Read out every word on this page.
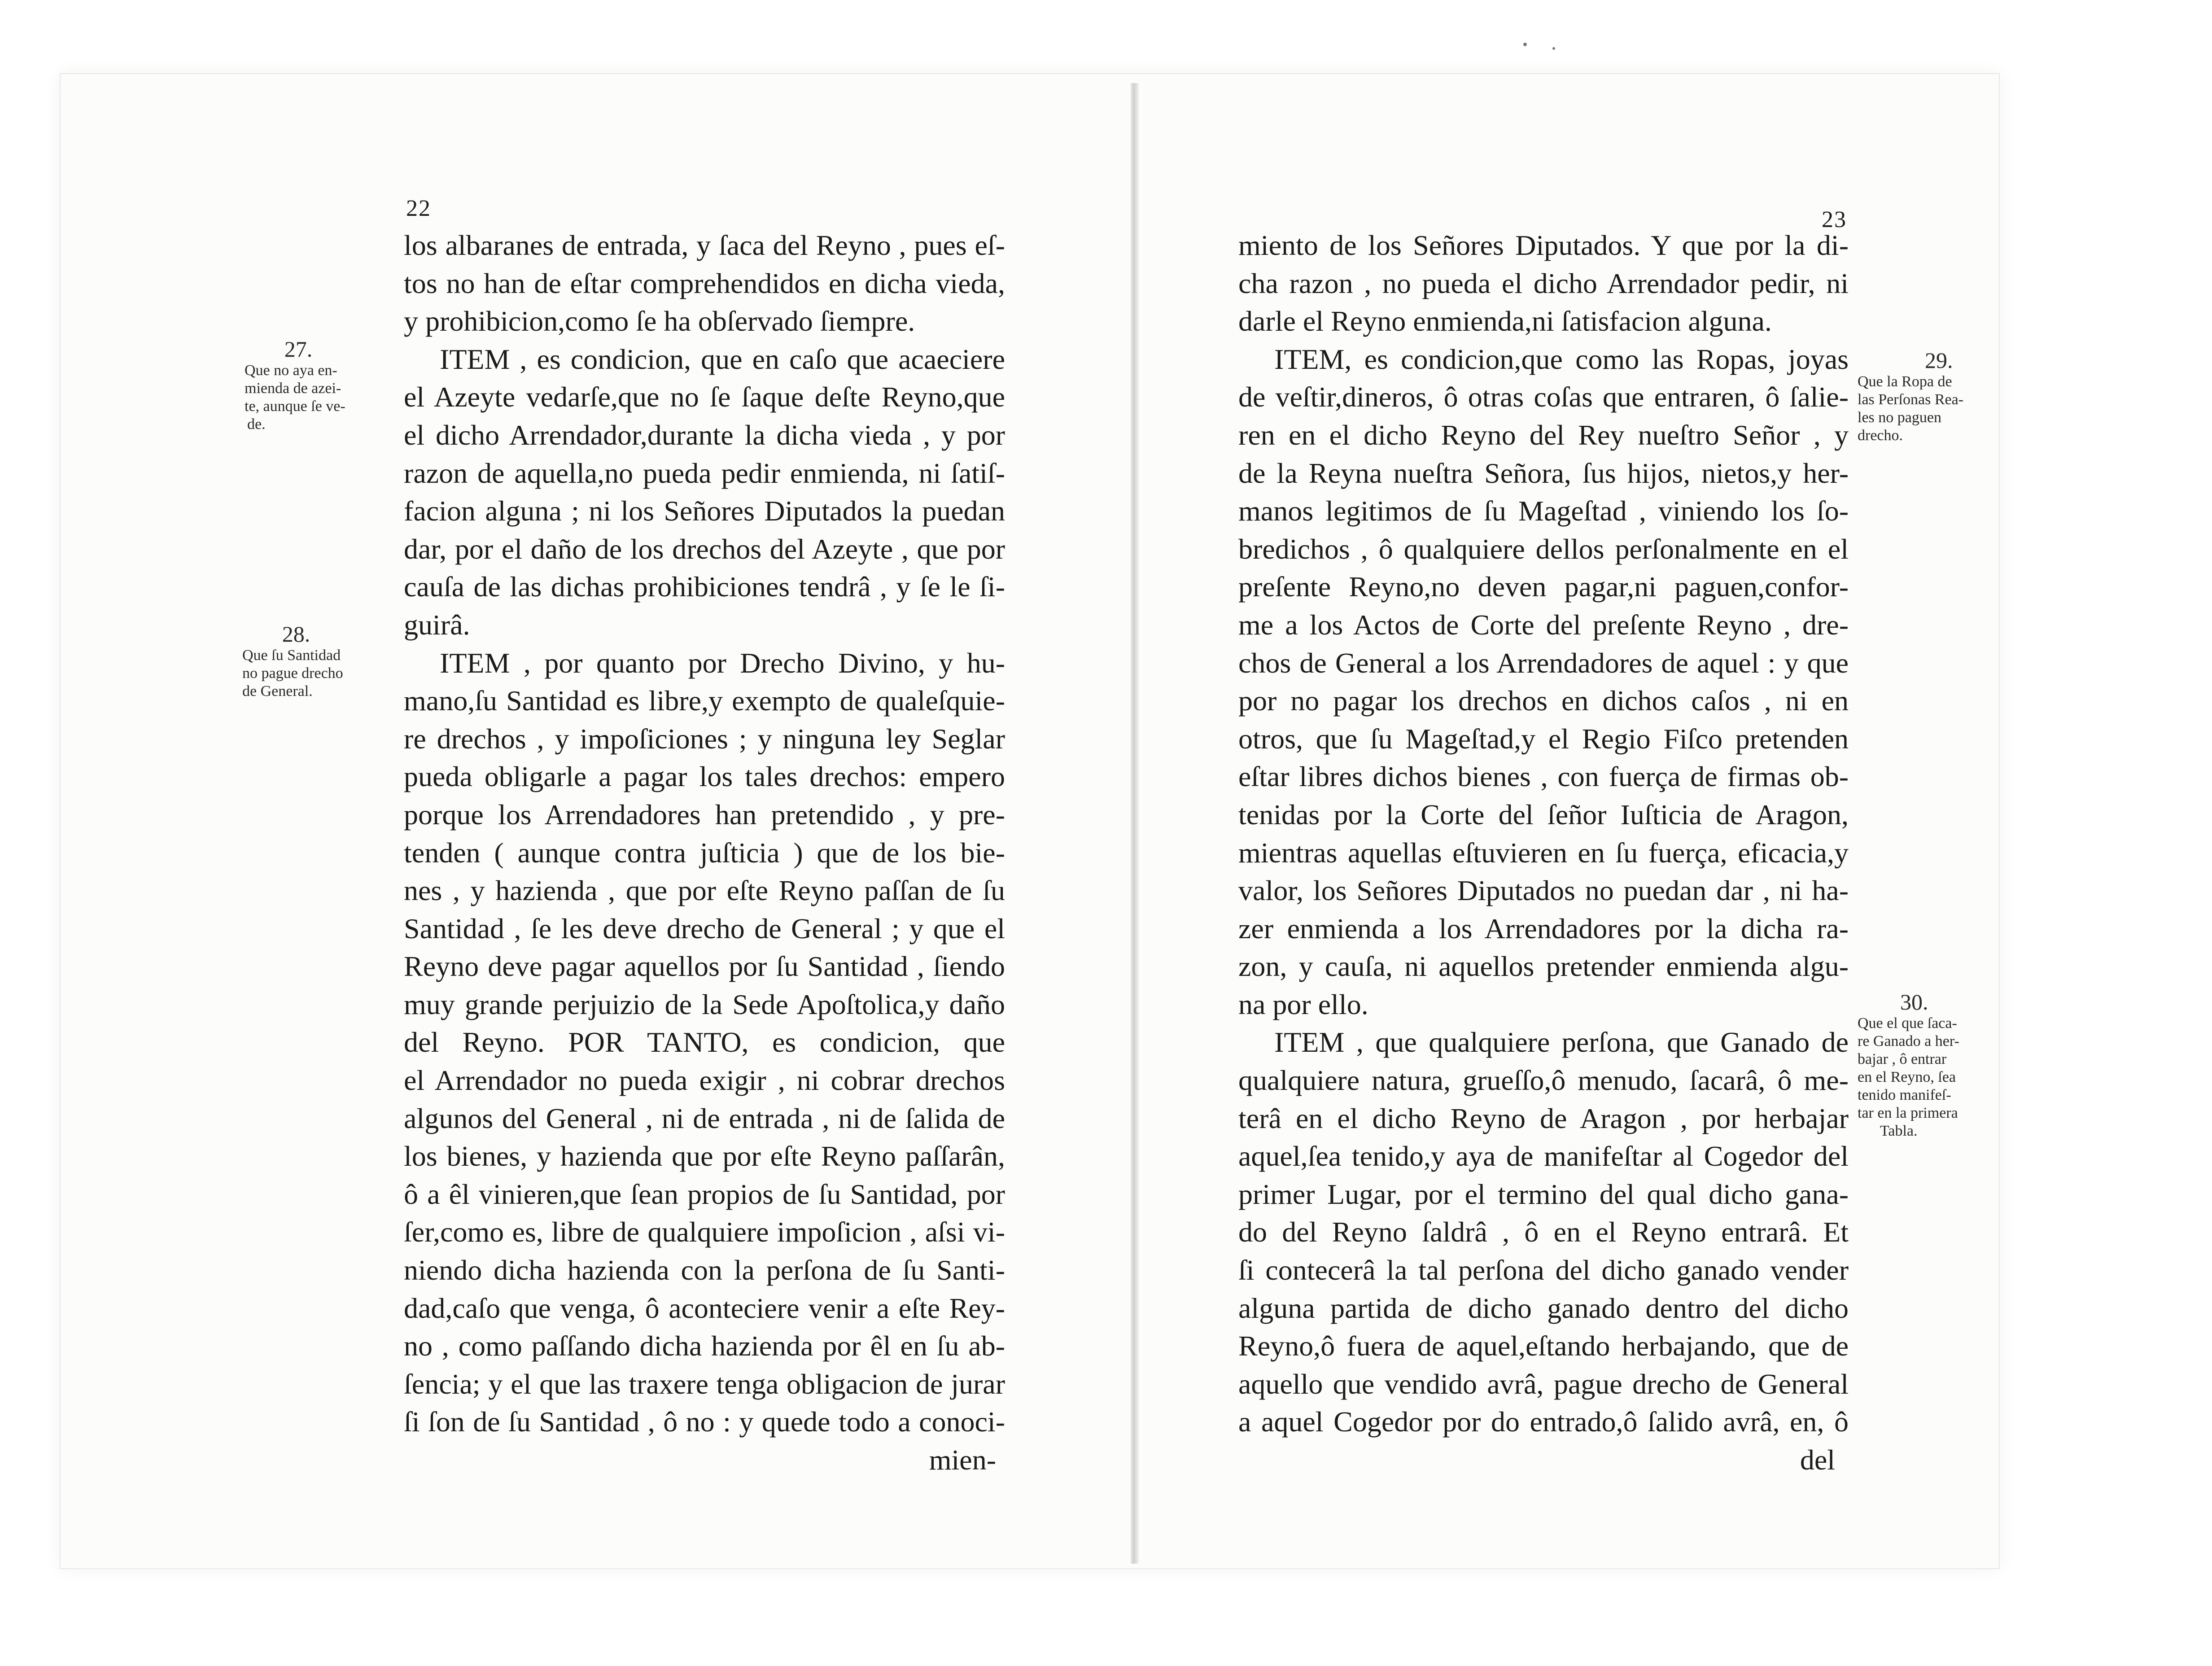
22
los albaranes de entrada, y ſaca del Reyno , pues eſ-
tos no han de eſtar comprehendidos en dicha vieda,
y prohibicion,como ſe ha obſervado ſiempre.
ITEM , es condicion, que en caſo que acaeciere
el Azeyte vedarſe,que no ſe ſaque deſte Reyno,que
el dicho Arrendador,durante la dicha vieda , y por
razon de aquella,no pueda pedir enmienda, ni ſatiſ-
facion alguna ; ni los Señores Diputados la puedan
dar, por el daño de los drechos del Azeyte , que por
cauſa de las dichas prohibiciones tendrâ , y ſe le ſi-
guirâ.
ITEM , por quanto por Drecho Divino, y hu-
mano,ſu Santidad es libre,y exempto de qualeſquie-
re drechos , y impoſiciones ; y ninguna ley Seglar
pueda obligarle a pagar los tales drechos: empero
porque los Arrendadores han pretendido , y pre-
tenden ( aunque contra juſticia ) que de los bie-
nes , y hazienda , que por eſte Reyno paſſan de ſu
Santidad , ſe les deve drecho de General ; y que el
Reyno deve pagar aquellos por ſu Santidad , ſiendo
muy grande perjuizio de la Sede Apoſtolica,y daño
del Reyno. POR TANTO, es condicion, que
el Arrendador no pueda exigir , ni cobrar drechos
algunos del General , ni de entrada , ni de ſalida de
los bienes, y hazienda que por eſte Reyno paſſarân,
ô a êl vinieren,que ſean propios de ſu Santidad, por
ſer,como es, libre de qualquiere impoſicion , aſsi vi-
niendo dicha hazienda con la perſona de ſu Santi-
dad,caſo que venga, ô aconteciere venir a eſte Rey-
no , como paſſando dicha hazienda por êl en ſu ab-
ſencia; y el que las traxere tenga obligacion de jurar
ſi ſon de ſu Santidad , ô no : y quede todo a conoci-
mien-
27.
Que no aya en-
mienda de azei-
te, aunque ſe ve-
de.
28.
Que ſu Santidad
no pague drecho
de General.
23
miento de los Señores Diputados. Y que por la di-
cha razon , no pueda el dicho Arrendador pedir, ni
darle el Reyno enmienda,ni ſatisfacion alguna.
ITEM, es condicion,que como las Ropas, joyas
de veſtir,dineros, ô otras coſas que entraren, ô ſalie-
ren en el dicho Reyno del Rey nueſtro Señor , y
de la Reyna nueſtra Señora, ſus hijos, nietos,y her-
manos legitimos de ſu Mageſtad , viniendo los ſo-
bredichos , ô qualquiere dellos perſonalmente en el
preſente Reyno,no deven pagar,ni paguen,confor-
me a los Actos de Corte del preſente Reyno , dre-
chos de General a los Arrendadores de aquel : y que
por no pagar los drechos en dichos caſos , ni en
otros, que ſu Mageſtad,y el Regio Fiſco pretenden
eſtar libres dichos bienes , con fuerça de firmas ob-
tenidas por la Corte del ſeñor Iuſticia de Aragon,
mientras aquellas eſtuvieren en ſu fuerça, eficacia,y
valor, los Señores Diputados no puedan dar , ni ha-
zer enmienda a los Arrendadores por la dicha ra-
zon, y cauſa, ni aquellos pretender enmienda algu-
na por ello.
ITEM , que qualquiere perſona, que Ganado de
qualquiere natura, grueſſo,ô menudo, ſacarâ, ô me-
terâ en el dicho Reyno de Aragon , por herbajar
aquel,ſea tenido,y aya de manifeſtar al Cogedor del
primer Lugar, por el termino del qual dicho gana-
do del Reyno ſaldrâ , ô en el Reyno entrarâ. Et
ſi contecerâ la tal perſona del dicho ganado vender
alguna partida de dicho ganado dentro del dicho
Reyno,ô fuera de aquel,eſtando herbajando, que de
aquello que vendido avrâ, pague drecho de General
a aquel Cogedor por do entrado,ô ſalido avrâ, en, ô
del
29.
Que la Ropa de
las Perſonas Rea-
les no paguen
drecho.
30.
Que el que ſaca-
re Ganado a her-
bajar , ô entrar
en el Reyno, ſea
tenido manifeſ-
tar en la primera
Tabla.
